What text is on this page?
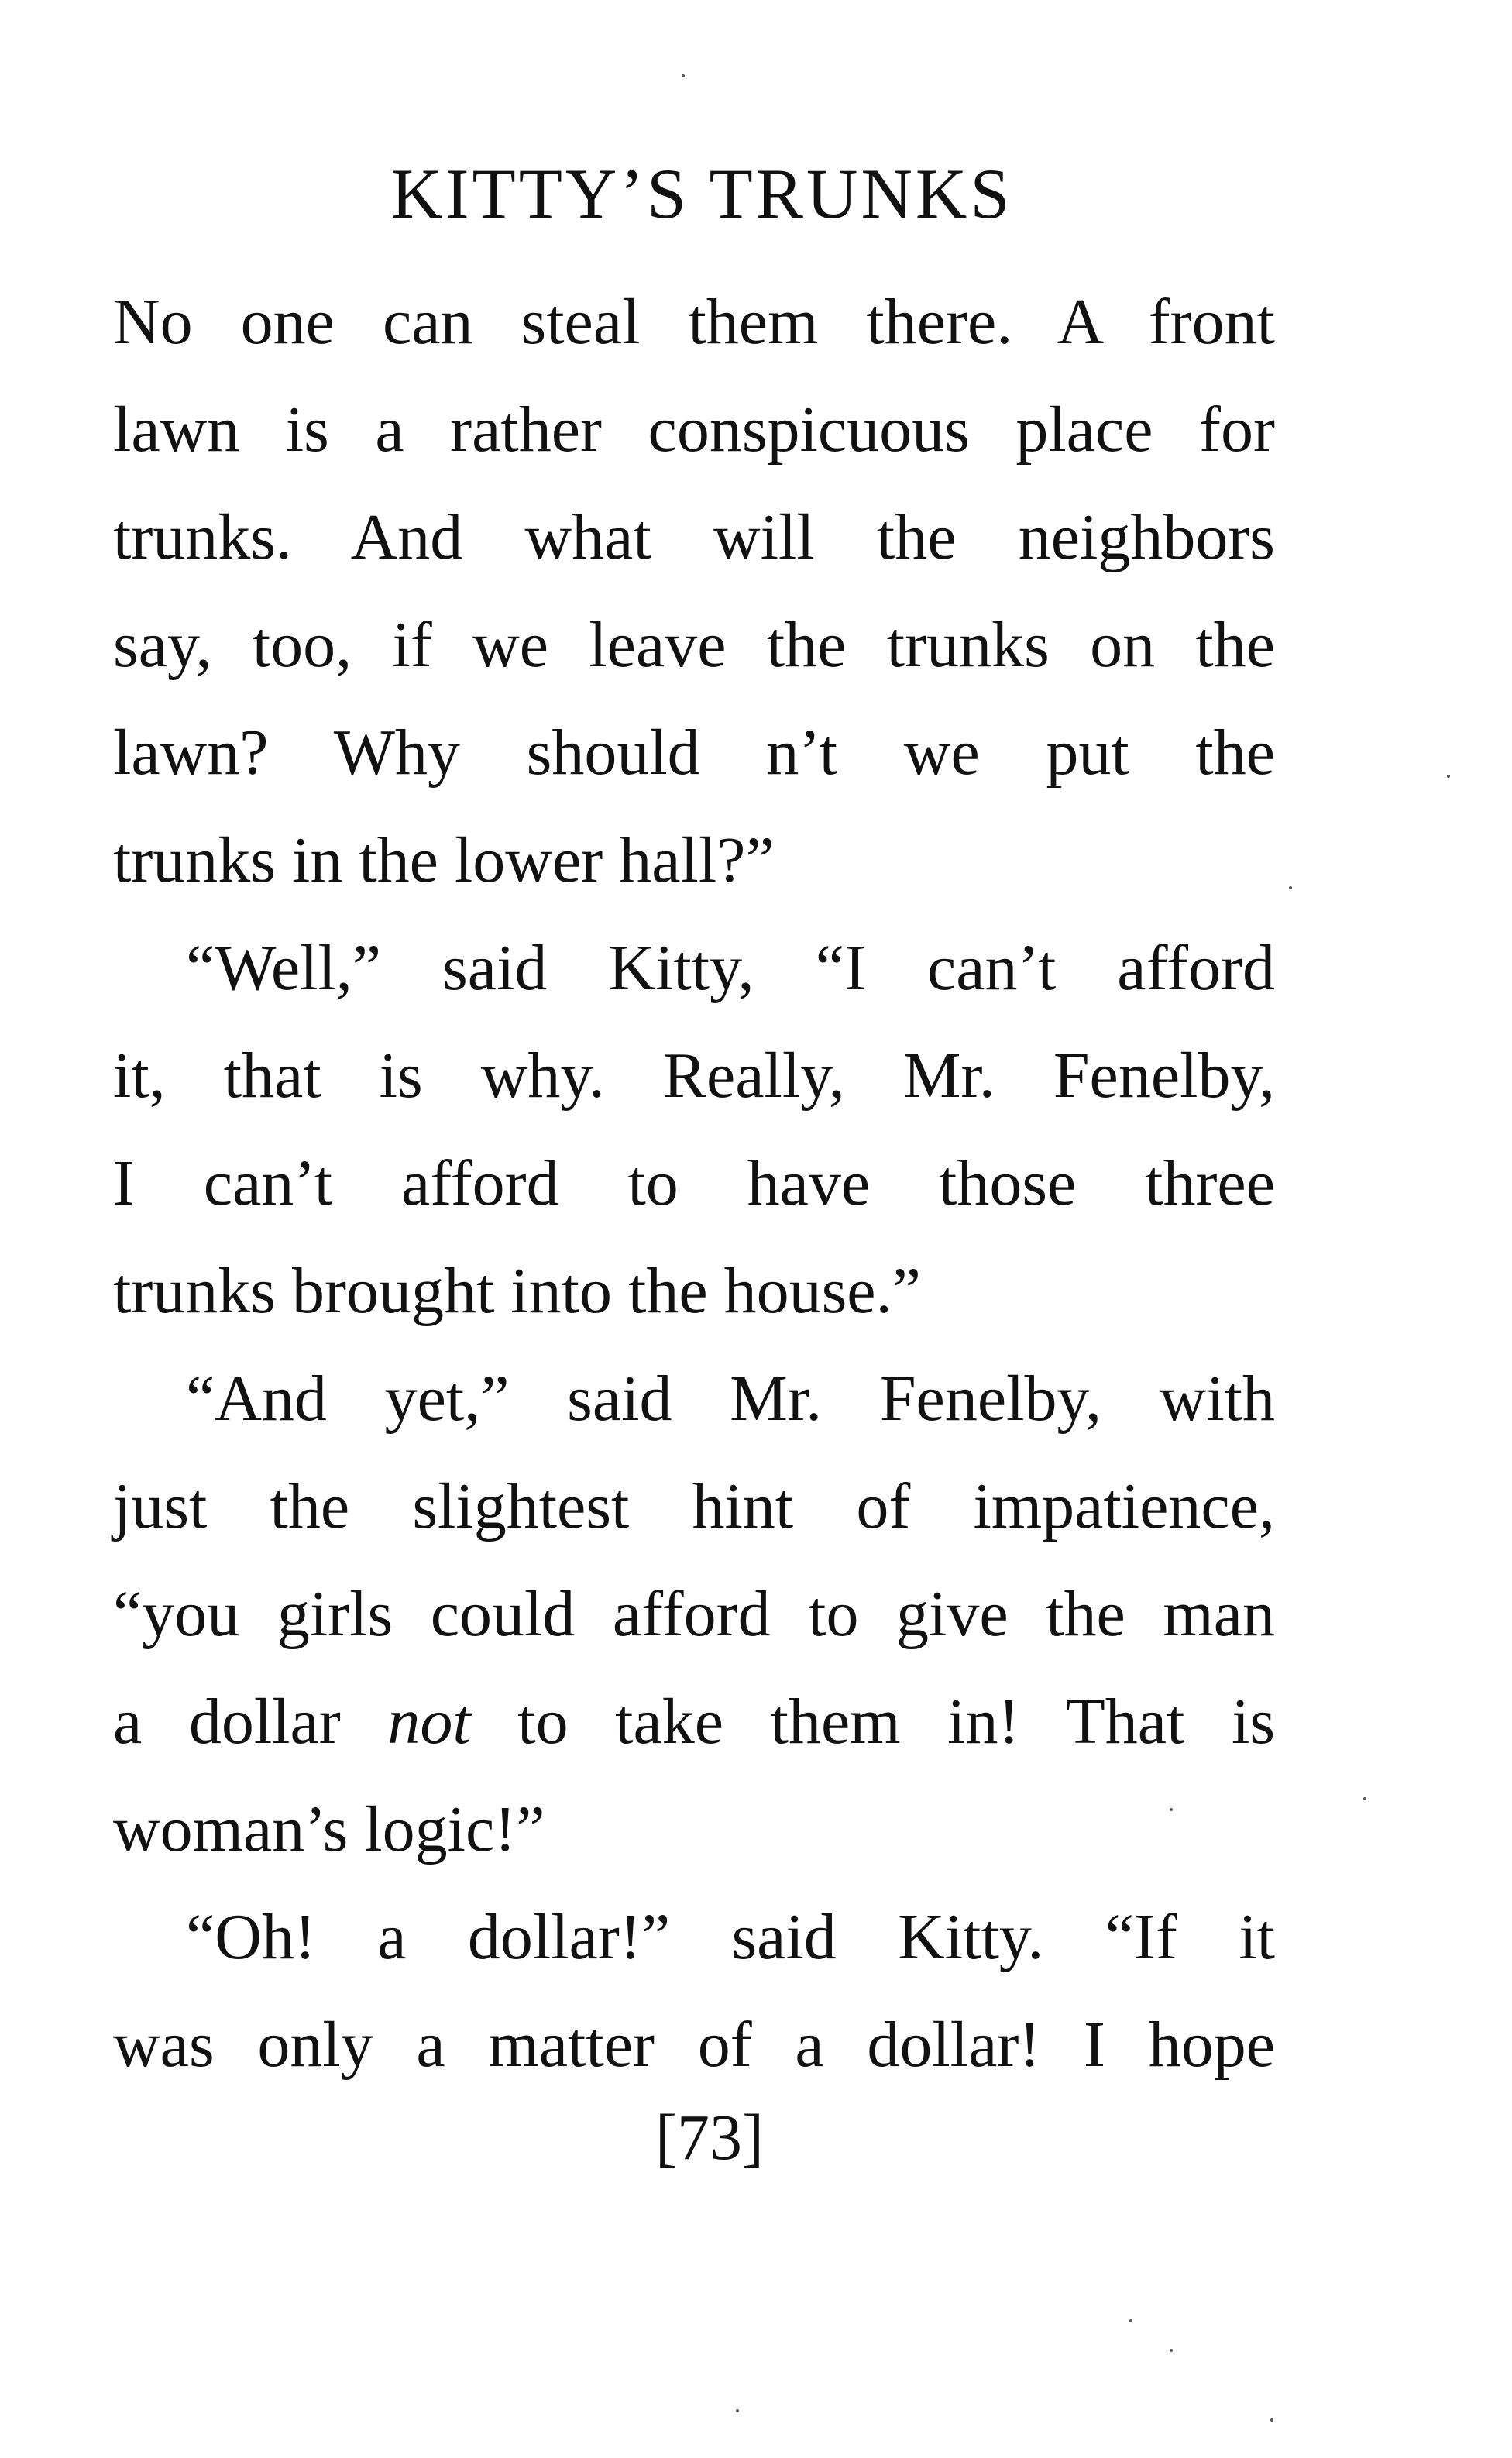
KITTY’S TRUNKS
No one can steal them there. A front
lawn is a rather conspicuous place for
trunks. And what will the neighbors
say, too, if we leave the trunks on the
lawn? Why should n’t we put the
trunks in the lower hall?”
“Well,” said Kitty, “I can’t afford
it, that is why. Really, Mr. Fenelby,
I can’t afford to have those three
trunks brought into the house.”
“And yet,” said Mr. Fenelby, with
just the slightest hint of impatience,
“you girls could afford to give the man
a dollar not to take them in! That is
woman’s logic!”
“Oh! a dollar!” said Kitty. “If it
was only a matter of a dollar! I hope
[73]
